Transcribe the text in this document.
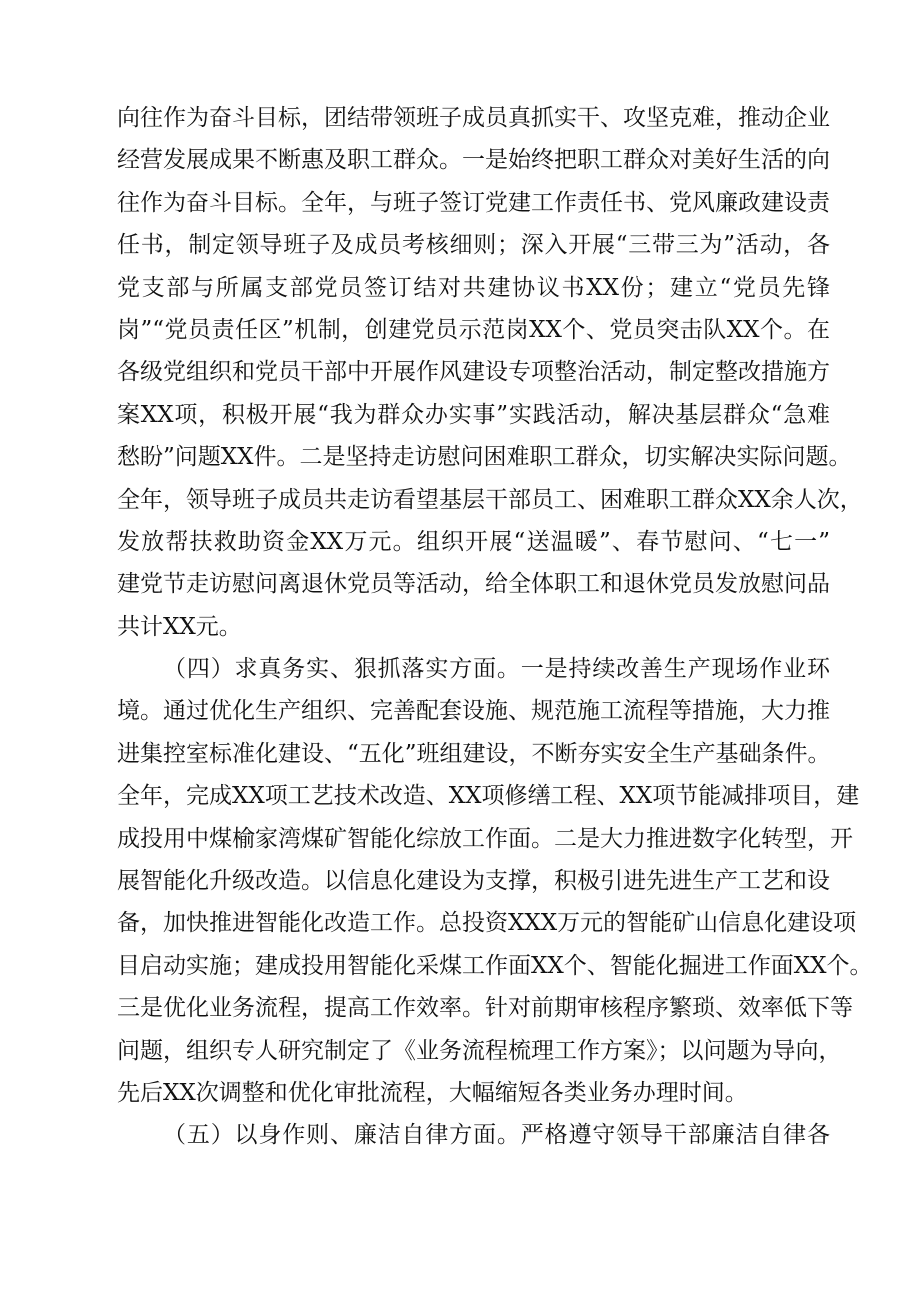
向往作为奋斗目标，团结带领班子成员真抓实干、攻坚克难，推动企业
经营发展成果不断惠及职工群众。一是始终把职工群众对美好生活的向
往作为奋斗目标。全年，与班子签订党建工作责任书、党风廉政建设责
任书，制定领导班子及成员考核细则；深入开展“三带三为”活动，各
党支部与所属支部党员签订结对共建协议书XX份；建立“党员先锋
岗”“党员责任区”机制，创建党员示范岗XX个、党员突击队XX个。在
各级党组织和党员干部中开展作风建设专项整治活动，制定整改措施方
案XX项，积极开展“我为群众办实事”实践活动，解决基层群众“急难
愁盼”问题XX件。二是坚持走访慰问困难职工群众，切实解决实际问题。
全年，领导班子成员共走访看望基层干部员工、困难职工群众XX余人次，
发放帮扶救助资金XX万元。组织开展“送温暖”、春节慰问、“七一”
建党节走访慰问离退休党员等活动，给全体职工和退休党员发放慰问品
共计XX元。
（四）求真务实、狠抓落实方面。一是持续改善生产现场作业环
境。通过优化生产组织、完善配套设施、规范施工流程等措施，大力推
进集控室标准化建设、“五化”班组建设，不断夯实安全生产基础条件。
全年，完成XX项工艺技术改造、XX项修缮工程、XX项节能减排项目，建
成投用中煤榆家湾煤矿智能化综放工作面。二是大力推进数字化转型，开
展智能化升级改造。以信息化建设为支撑，积极引进先进生产工艺和设
备，加快推进智能化改造工作。总投资XXX万元的智能矿山信息化建设项
目启动实施；建成投用智能化采煤工作面XX个、智能化掘进工作面XX个。
三是优化业务流程，提高工作效率。针对前期审核程序繁琐、效率低下等
问题，组织专人研究制定了《业务流程梳理工作方案》；以问题为导向，
先后XX次调整和优化审批流程，大幅缩短各类业务办理时间。
（五）以身作则、廉洁自律方面。严格遵守领导干部廉洁自律各
